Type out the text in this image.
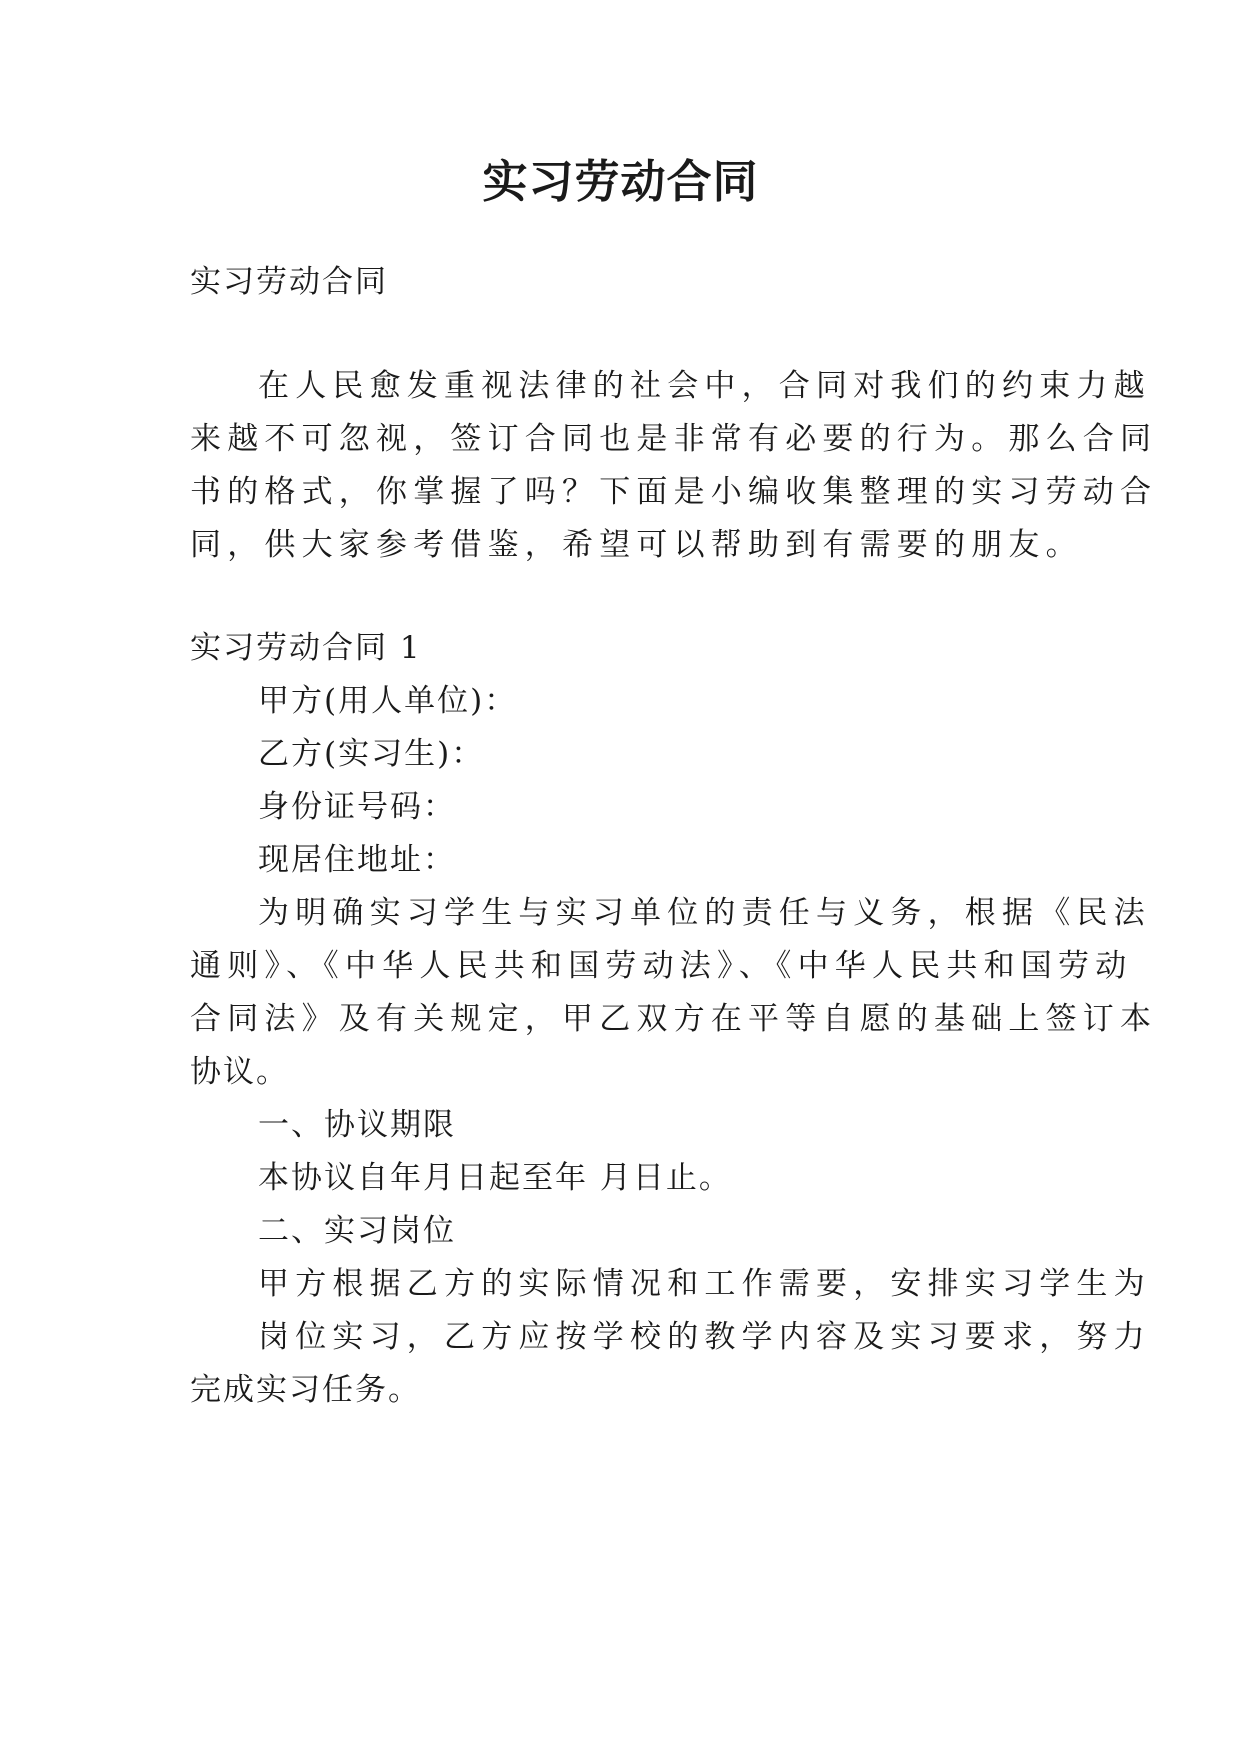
实习劳动合同
实习劳动合同
在人民愈发重视法律的社会中，合同对我们的约束力越
来越不可忽视，签订合同也是非常有必要的行为。那么合同
书的格式，你掌握了吗？下面是小编收集整理的实习劳动合
同，供大家参考借鉴，希望可以帮助到有需要的朋友。
实习劳动合同 1
甲方(用人单位)：
乙方(实习生)：
身份证号码：
现居住地址：
为明确实习学生与实习单位的责任与义务，根据《民法
通则》、《中华人民共和国劳动法》、《中华人民共和国劳动
合同法》及有关规定，甲乙双方在平等自愿的基础上签订本
协议。
一、协议期限
本协议自年月日起至年 月日止。
二、实习岗位
甲方根据乙方的实际情况和工作需要，安排实习学生为
岗位实习，乙方应按学校的教学内容及实习要求，努力
完成实习任务。
